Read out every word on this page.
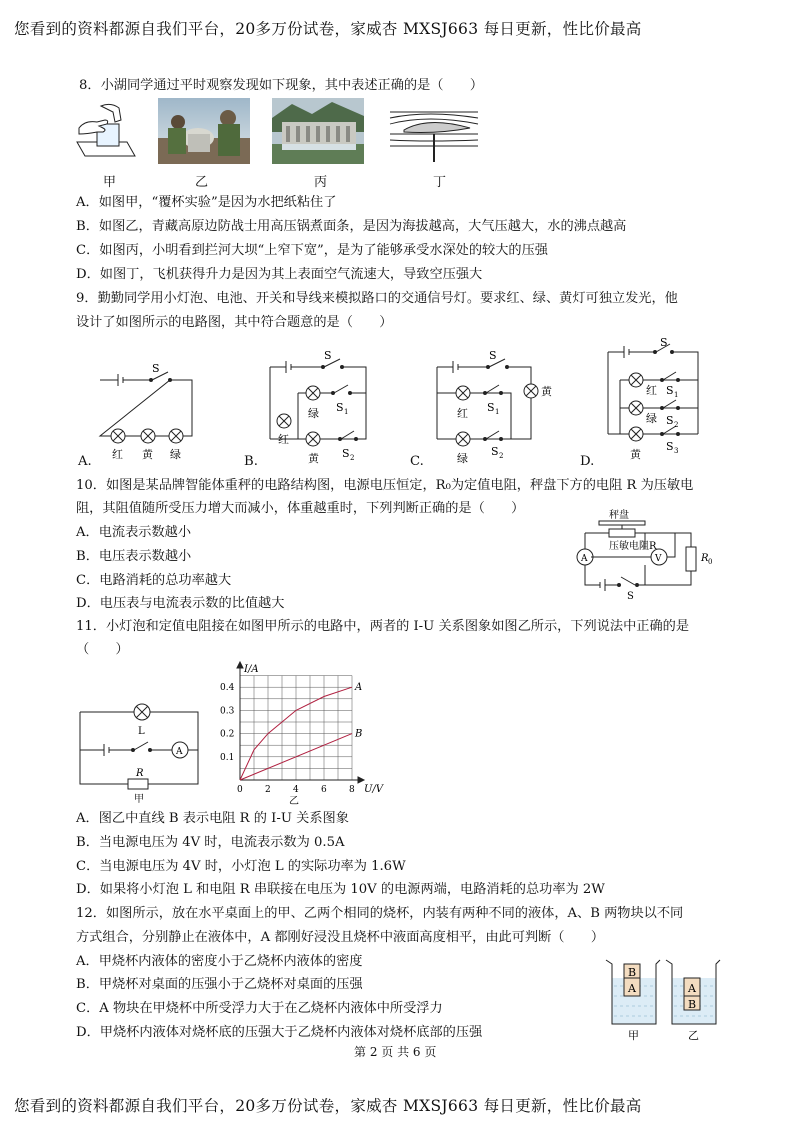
您看到的资料都源自我们平台，20多万份试卷，家威杏 MXSJ663 每日更新，性比价最高
8．小湖同学通过平时观察发现如下现象，其中表述正确的是（　　）
甲	乙	丙	丁
A．如图甲，“覆杯实验”是因为水把纸粘住了
B．如图乙，青藏高原边防战士用高压锅煮面条，是因为海拔越高，大气压越大，水的沸点越高
C．如图丙，小明看到拦河大坝“上窄下宽”，是为了能够承受水深处的较大的压强
D．如图丁，飞机获得升力是因为其上表面空气流速大，导致空压强大
9．勤勤同学用小灯泡、电池、开关和导线来模拟路口的交通信号灯。要求红、绿、黄灯可独立发光，他
设计了如图所示的电路图，其中符合题意的是（　　）
S
红 黄 绿
A.
S
S 1
S 2
绿
红
黄
B.
S
S 1
S 2
红
绿
黄
C.
S
S 1
S 2
S 3
红
绿
黄
D.
10．如图是某品牌智能体重秤的电路结构图，电源电压恒定，R₀为定值电阻，秤盘下方的电阻 R 为压敏电
阻，其阻值随所受压力增大而减小，体重越重时，下列判断正确的是（　　）
A．电流表示数越小
B．电压表示数越小
C．电路消耗的总功率越大
D．电压表与电流表示数的比值越大
秤盘
压敏电阻R
A	V	R 0
S
11．小灯泡和定值电阻接在如图甲所示的电路中，两者的 I-U 关系图象如图乙所示，下列说法中正确的是
（　　）
L
A
R
甲
0 2 4 6 8
0.1
0.2
0.3
0.4	A
B
I/A
U/V
乙
A．图乙中直线 B 表示电阻 R 的 I-U 关系图象
B．当电源电压为 4V 时，电流表示数为 0.5A
C．当电源电压为 4V 时，小灯泡 L 的实际功率为 1.6W
D．如果将小灯泡 L 和电阻 R 串联接在电压为 10V 的电源两端，电路消耗的总功率为 2W
12．如图所示，放在水平桌面上的甲、乙两个相同的烧杯，内装有两种不同的液体，A、B 两物块以不同
方式组合，分别静止在液体中，A 都刚好浸没且烧杯中液面高度相平，由此可判断（　　）
A．甲烧杯内液体的密度小于乙烧杯内液体的密度
B．甲烧杯对桌面的压强小于乙烧杯对桌面的压强
C．A 物块在甲烧杯中所受浮力大于在乙烧杯内液体中所受浮力
D．甲烧杯内液体对烧杯底的压强大于乙烧杯内液体对烧杯底部的压强
B
A	A
B
甲	乙
第 2 页 共 6 页
您看到的资料都源自我们平台，20多万份试卷，家威杏 MXSJ663 每日更新，性比价最高
